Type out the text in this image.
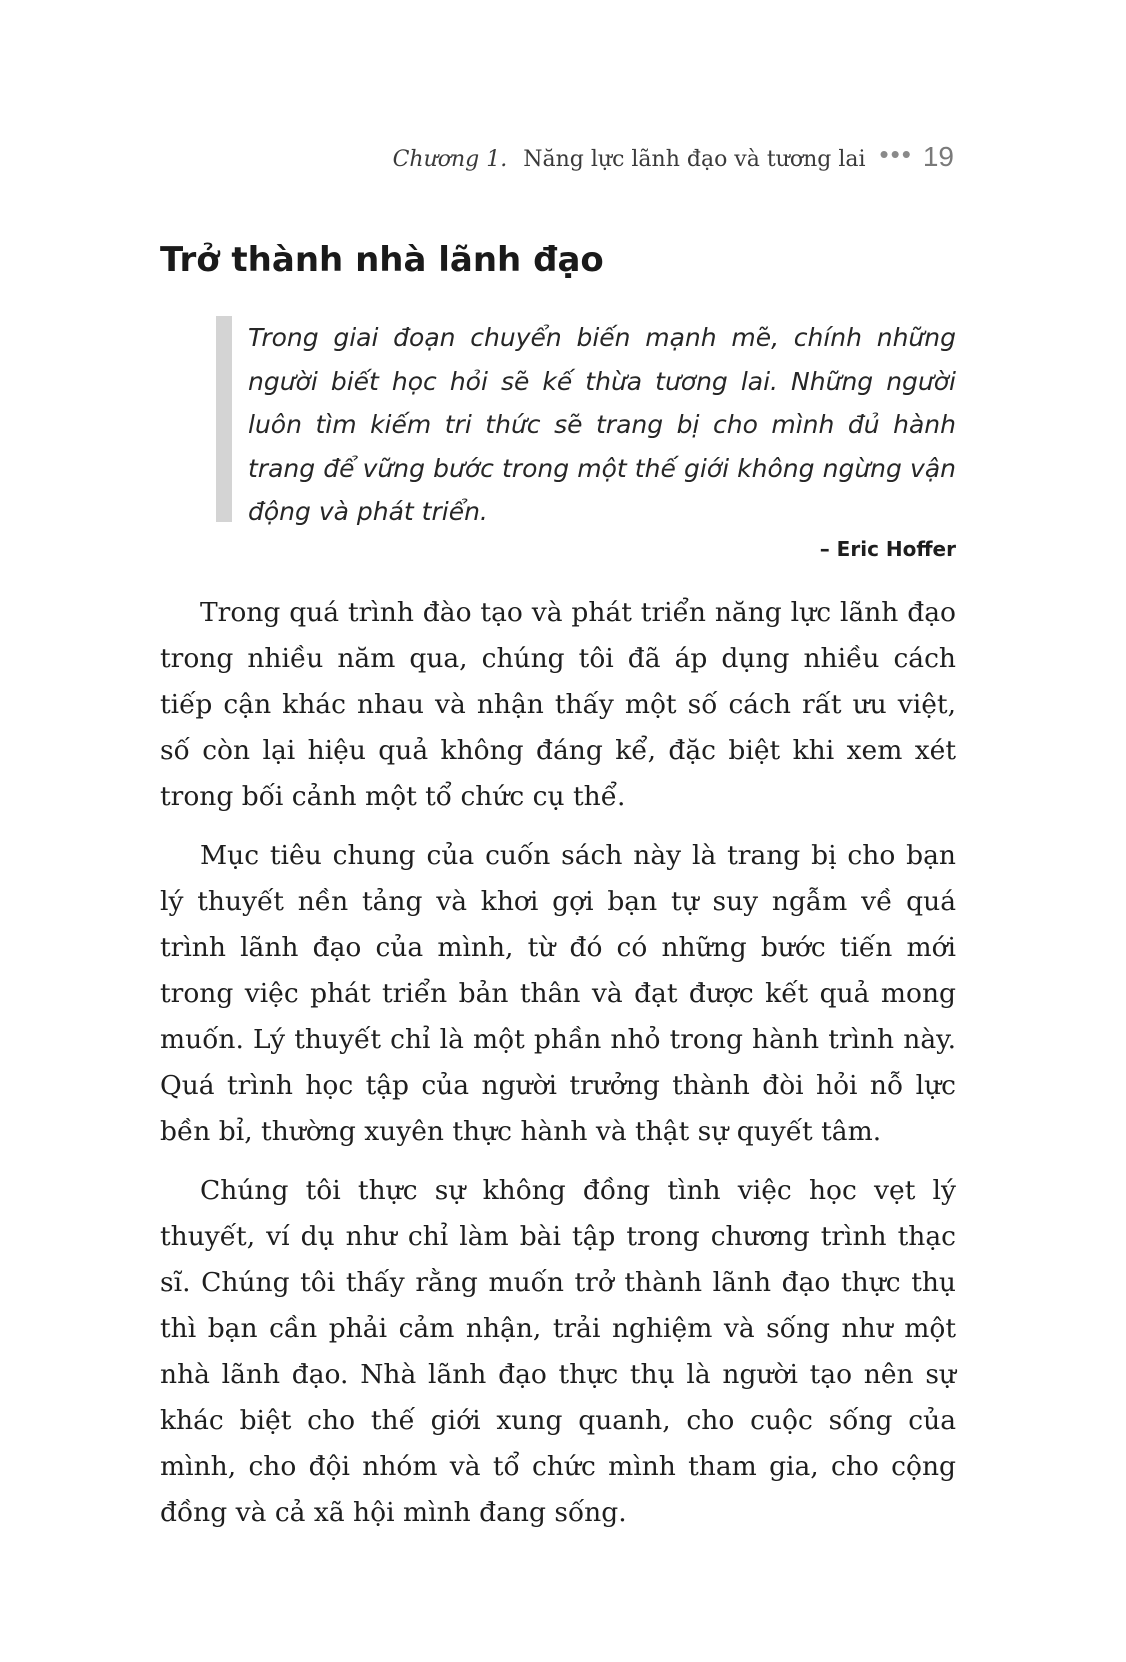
Chương 1. Năng lực lãnh đạo và tương lai ••• 19
Trở thành nhà lãnh đạo

Trong giai đoạn chuyển biến mạnh mẽ, chính những người biết học hỏi sẽ kế thừa tương lai. Những người luôn tìm kiếm tri thức sẽ trang bị cho mình đủ hành trang để vững bước trong một thế giới không ngừng vận động và phát triển.

– Eric Hoffer

Trong quá trình đào tạo và phát triển năng lực lãnh đạo trong nhiều năm qua, chúng tôi đã áp dụng nhiều cách tiếp cận khác nhau và nhận thấy một số cách rất ưu việt, số còn lại hiệu quả không đáng kể, đặc biệt khi xem xét trong bối cảnh một tổ chức cụ thể.

Mục tiêu chung của cuốn sách này là trang bị cho bạn lý thuyết nền tảng và khơi gợi bạn tự suy ngẫm về quá trình lãnh đạo của mình, từ đó có những bước tiến mới trong việc phát triển bản thân và đạt được kết quả mong muốn. Lý thuyết chỉ là một phần nhỏ trong hành trình này. Quá trình học tập của người trưởng thành đòi hỏi nỗ lực bền bỉ, thường xuyên thực hành và thật sự quyết tâm.

Chúng tôi thực sự không đồng tình việc học vẹt lý thuyết, ví dụ như chỉ làm bài tập trong chương trình thạc sĩ. Chúng tôi thấy rằng muốn trở thành lãnh đạo thực thụ thì bạn cần phải cảm nhận, trải nghiệm và sống như một nhà lãnh đạo. Nhà lãnh đạo thực thụ là người tạo nên sự khác biệt cho thế giới xung quanh, cho cuộc sống của mình, cho đội nhóm và tổ chức mình tham gia, cho cộng đồng và cả xã hội mình đang sống.
